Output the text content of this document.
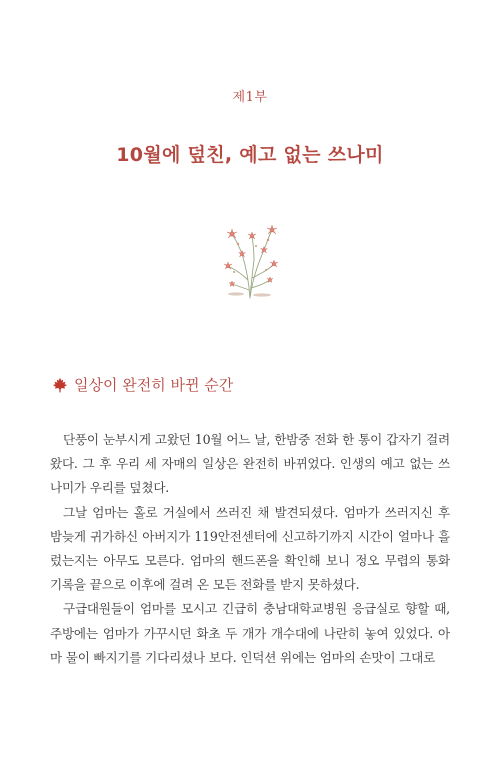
제1부
10월에 덮친, 예고 없는 쓰나미
일상이 완전히 바뀐 순간

단풍이 눈부시게 고왔던 10월 어느 날, 한밤중 전화 한 통이 갑자기 걸려왔다. 그 후 우리 세 자매의 일상은 완전히 바뀌었다. 인생의 예고 없는 쓰나미가 우리를 덮쳤다.

그날 엄마는 홀로 거실에서 쓰러진 채 발견되셨다. 엄마가 쓰러지신 후 밤늦게 귀가하신 아버지가 119안전센터에 신고하기까지 시간이 얼마나 흘렀는지는 아무도 모른다. 엄마의 핸드폰을 확인해 보니 정오 무렵의 통화 기록을 끝으로 이후에 걸려 온 모든 전화를 받지 못하셨다.

구급대원들이 엄마를 모시고 긴급히 충남대학교병원 응급실로 향할 때, 주방에는 엄마가 가꾸시던 화초 두 개가 개수대에 나란히 놓여 있었다. 아마 물이 빠지기를 기다리셨나 보다. 인덕션 위에는 엄마의 손맛이 그대로
